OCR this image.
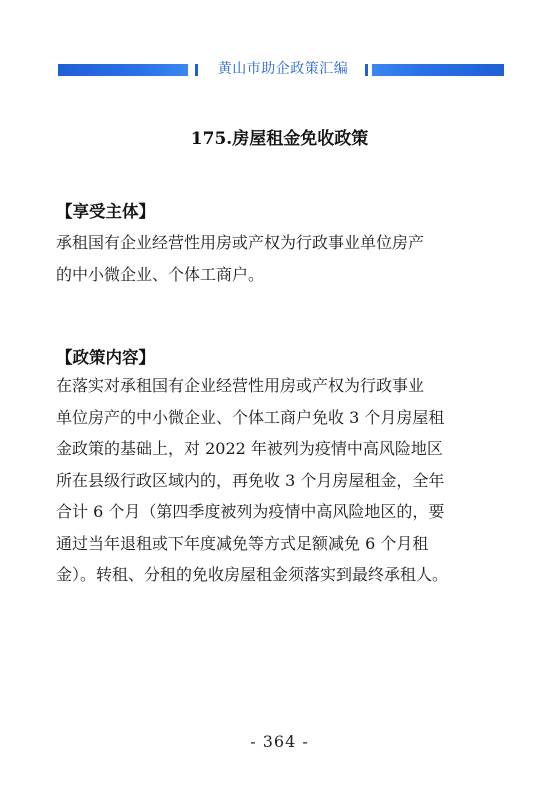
黄山市助企政策汇编
175.房屋租金免收政策
【享受主体】
承租国有企业经营性用房或产权为行政事业单位房产
的中小微企业、个体工商户。
【政策内容】
在落实对承租国有企业经营性用房或产权为行政事业
单位房产的中小微企业、个体工商户免收 3 个月房屋租
金政策的基础上，对 2022 年被列为疫情中高风险地区
所在县级行政区域内的，再免收 3 个月房屋租金，全年
合计 6 个月（第四季度被列为疫情中高风险地区的，要
通过当年退租或下年度减免等方式足额减免 6 个月租
金）。转租、分租的免收房屋租金须落实到最终承租人。
- 364 -
